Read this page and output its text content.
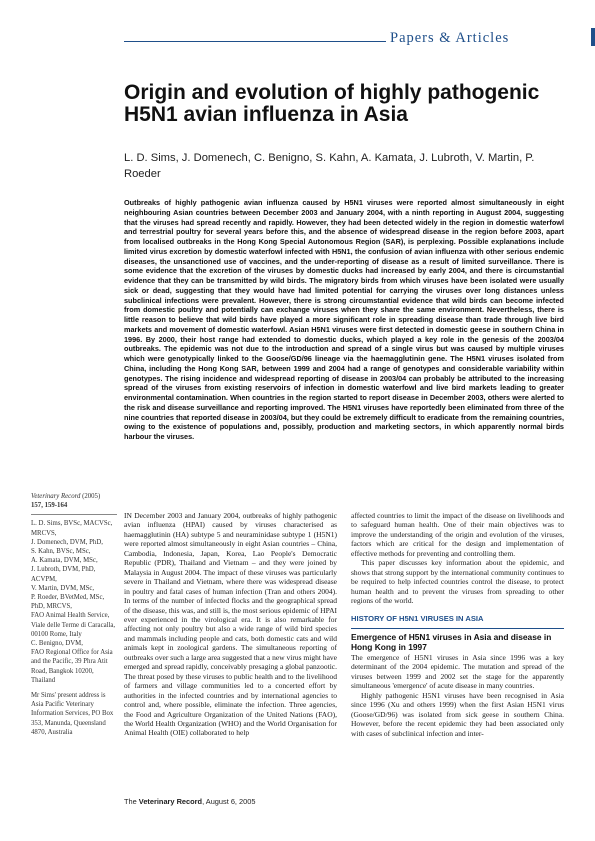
Papers & Articles
Origin and evolution of highly pathogenic H5N1 avian influenza in Asia
L. D. Sims, J. Domenech, C. Benigno, S. Kahn, A. Kamata, J. Lubroth, V. Martin, P. Roeder

Outbreaks of highly pathogenic avian influenza caused by H5N1 viruses were reported almost simultaneously in eight neighbouring Asian countries between December 2003 and January 2004, with a ninth reporting in August 2004, suggesting that the viruses had spread recently and rapidly. However, they had been detected widely in the region in domestic waterfowl and terrestrial poultry for several years before this, and the absence of widespread disease in the region before 2003, apart from localised outbreaks in the Hong Kong Special Autonomous Region (SAR), is perplexing. Possible explanations include limited virus excretion by domestic waterfowl infected with H5N1, the confusion of avian influenza with other serious endemic diseases, the unsanctioned use of vaccines, and the under-reporting of disease as a result of limited surveillance. There is some evidence that the excretion of the viruses by domestic ducks had increased by early 2004, and there is circumstantial evidence that they can be transmitted by wild birds. The migratory birds from which viruses have been isolated were usually sick or dead, suggesting that they would have had limited potential for carrying the viruses over long distances unless subclinical infections were prevalent. However, there is strong circumstantial evidence that wild birds can become infected from domestic poultry and potentially can exchange viruses when they share the same environment. Nevertheless, there is little reason to believe that wild birds have played a more significant role in spreading disease than trade through live bird markets and movement of domestic waterfowl. Asian H5N1 viruses were first detected in domestic geese in southern China in 1996. By 2000, their host range had extended to domestic ducks, which played a key role in the genesis of the 2003/04 outbreaks. The epidemic was not due to the introduction and spread of a single virus but was caused by multiple viruses which were genotypically linked to the Goose/GD/96 lineage via the haemagglutinin gene. The H5N1 viruses isolated from China, including the Hong Kong SAR, between 1999 and 2004 had a range of genotypes and considerable variability within genotypes. The rising incidence and widespread reporting of disease in 2003/04 can probably be attributed to the increasing spread of the viruses from existing reservoirs of infection in domestic waterfowl and live bird markets leading to greater environmental contamination. When countries in the region started to report disease in December 2003, others were alerted to the risk and disease surveillance and reporting improved. The H5N1 viruses have reportedly been eliminated from three of the nine countries that reported disease in 2003/04, but they could be extremely difficult to eradicate from the remaining countries, owing to the existence of populations and, possibly, production and marketing sectors, in which apparently normal birds harbour the viruses.

Veterinary Record (2005)
157, 159-164

L. D. Sims, BVSc, MACVSc, MRCVS,

J. Domenech, DVM, PhD,

S. Kahn, BVSc, MSc,

A. Kamata, DVM, MSc,

J. Lubroth, DVM, PhD, ACVPM,

V. Martin, DVM, MSc,

P. Roeder, BVetMed, MSc, PhD, MRCVS,

FAO Animal Health Service, Viale delle Terme di Caracalla, 00100 Rome, Italy

C. Benigno, DVM,

FAO Regional Office for Asia and the Pacific, 39 Phra Atit Road, Bangkok 10200, Thailand

Mr Sims' present address is Asia Pacific Veterinary Information Services, PO Box 353, Manunda, Queensland 4870, Australia

IN December 2003 and January 2004, outbreaks of highly pathogenic avian influenza (HPAI) caused by viruses characterised as haemagglutinin (HA) subtype 5 and neuraminidase subtype 1 (H5N1) were reported almost simultaneously in eight Asian countries – China, Cambodia, Indonesia, Japan, Korea, Lao People's Democratic Republic (PDR), Thailand and Vietnam – and they were joined by Malaysia in August 2004. The impact of these viruses was particularly severe in Thailand and Vietnam, where there was widespread disease in poultry and fatal cases of human infection (Tran and others 2004). In terms of the number of infected flocks and the geographical spread of the disease, this was, and still is, the most serious epidemic of HPAI ever experienced in the virological era. It is also remarkable for affecting not only poultry but also a wide range of wild bird species and mammals including people and cats, both domestic cats and wild animals kept in zoological gardens. The simultaneous reporting of outbreaks over such a large area suggested that a new virus might have emerged and spread rapidly, conceivably presaging a global panzootic. The threat posed by these viruses to public health and to the livelihood of farmers and village communities led to a concerted effort by authorities in the infected countries and by international agencies to control and, where possible, eliminate the infection. Three agencies, the Food and Agriculture Organization of the United Nations (FAO), the World Health Organization (WHO) and the World Organisation for Animal Health (OIE) collaborated to help

affected countries to limit the impact of the disease on livelihoods and to safeguard human health. One of their main objectives was to improve the understanding of the origin and evolution of the viruses, factors which are critical for the design and implementation of effective methods for preventing and controlling them.

This paper discusses key information about the epidemic, and shows that strong support by the international community continues to be required to help infected countries control the disease, to protect human health and to prevent the viruses from spreading to other regions of the world.

HISTORY OF H5N1 VIRUSES IN ASIA
Emergence of H5N1 viruses in Asia and disease in Hong Kong in 1997

The emergence of H5N1 viruses in Asia since 1996 was a key determinant of the 2004 epidemic. The mutation and spread of the viruses between 1999 and 2002 set the stage for the apparently simultaneous 'emergence' of acute disease in many countries.

Highly pathogenic H5N1 viruses have been recognised in Asia since 1996 (Xu and others 1999) when the first Asian H5N1 virus (Goose/GD/96) was isolated from sick geese in southern China. However, before the recent epidemic they had been associated only with cases of subclinical infection and inter-

The Veterinary Record, August 6, 2005
